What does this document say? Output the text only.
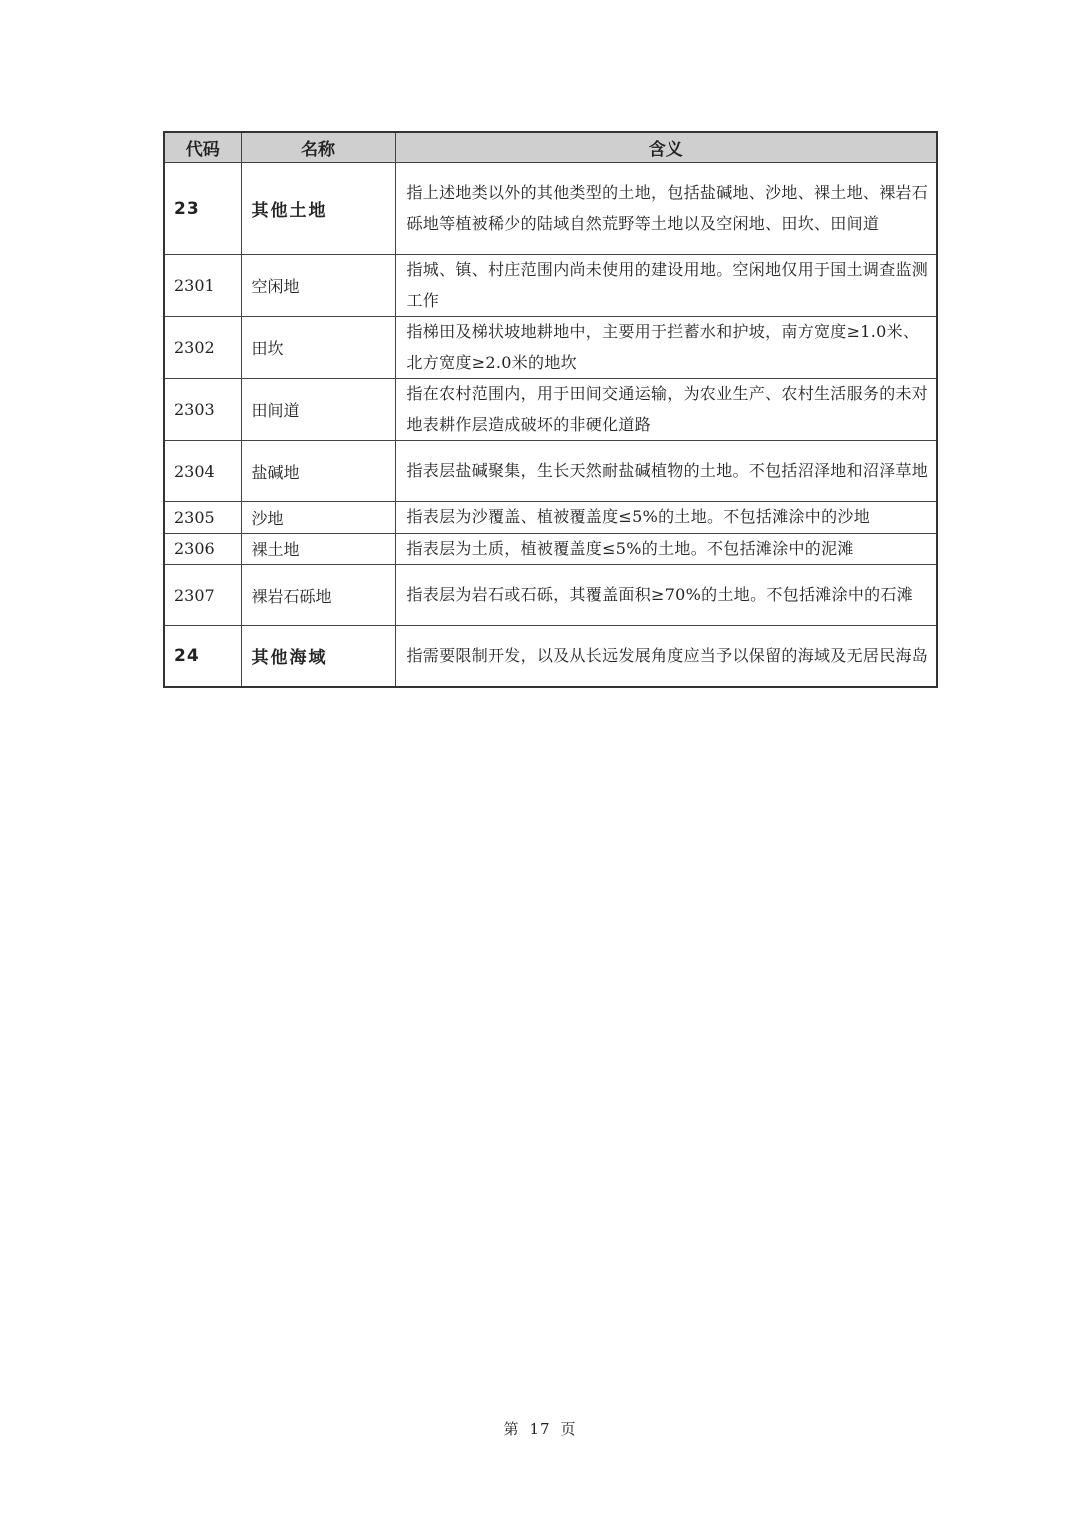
代码	名称	含义
23	其他土地	指上述地类以外的其他类型的土地，包括盐碱地、沙地、裸土地、裸岩石砾地等植被稀少的陆域自然荒野等土地以及空闲地、田坎、田间道
2301	空闲地	指城、镇、村庄范围内尚未使用的建设用地。空闲地仅用于国土调查监测工作
2302	田坎	指梯田及梯状坡地耕地中，主要用于拦蓄水和护坡，南方宽度≥1.0米、北方宽度≥2.0米的地坎
2303	田间道	指在农村范围内，用于田间交通运输，为农业生产、农村生活服务的未对地表耕作层造成破坏的非硬化道路
2304	盐碱地	指表层盐碱聚集，生长天然耐盐碱植物的土地。不包括沼泽地和沼泽草地
2305	沙地	指表层为沙覆盖、植被覆盖度≤5%的土地。不包括滩涂中的沙地
2306	裸土地	指表层为土质，植被覆盖度≤5%的土地。不包括滩涂中的泥滩
2307	裸岩石砾地	指表层为岩石或石砾，其覆盖面积≥70%的土地。不包括滩涂中的石滩
24	其他海域	指需要限制开发，以及从长远发展角度应当予以保留的海域及无居民海岛
第 17 页
